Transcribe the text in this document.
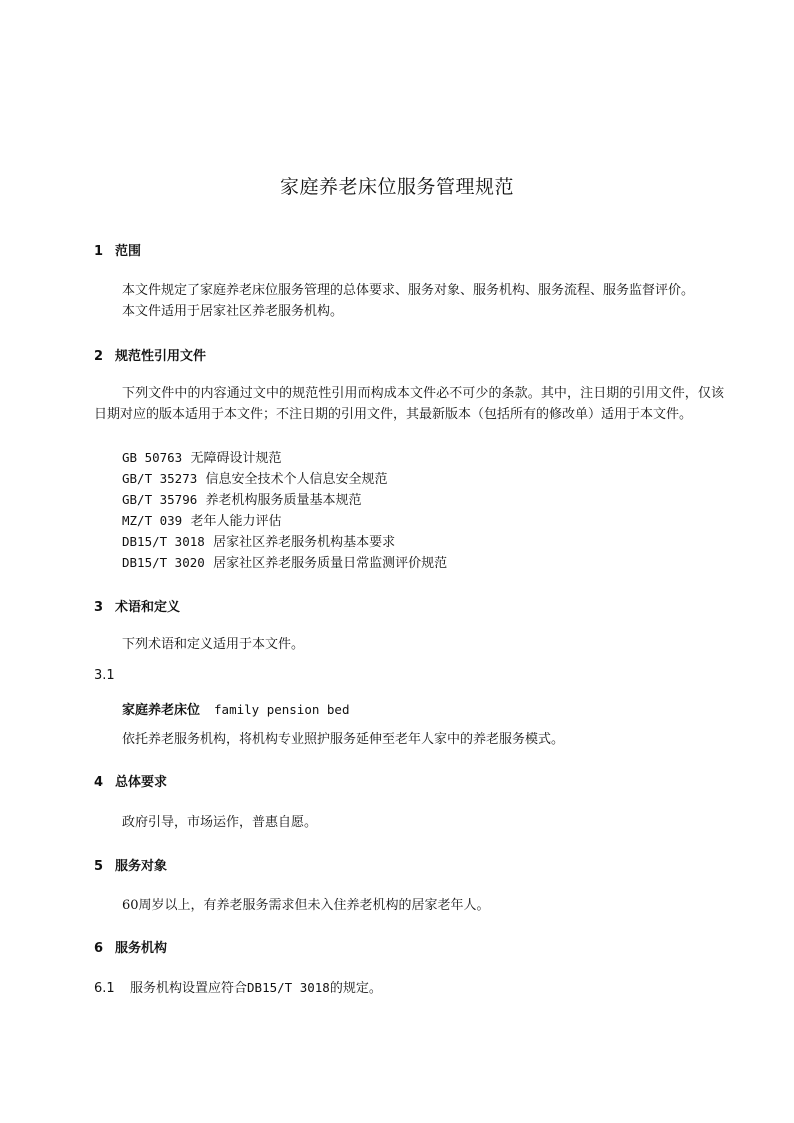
家庭养老床位服务管理规范
1 范围
本文件规定了家庭养老床位服务管理的总体要求、服务对象、服务机构、服务流程、服务监督评价。
本文件适用于居家社区养老服务机构。
2 规范性引用文件
下列文件中的内容通过文中的规范性引用而构成本文件必不可少的条款。其中，注日期的引用文件，仅该日期对应的版本适用于本文件；不注日期的引用文件，其最新版本（包括所有的修改单）适用于本文件。
GB 50763 无障碍设计规范
GB/T 35273 信息安全技术个人信息安全规范
GB/T 35796 养老机构服务质量基本规范
MZ/T 039 老年人能力评估
DB15/T 3018 居家社区养老服务机构基本要求
DB15/T 3020 居家社区养老服务质量日常监测评价规范
3 术语和定义
下列术语和定义适用于本文件。
3.1
家庭养老床位 family pension bed
依托养老服务机构，将机构专业照护服务延伸至老年人家中的养老服务模式。
4 总体要求
政府引导，市场运作，普惠自愿。
5 服务对象
60周岁以上，有养老服务需求但未入住养老机构的居家老年人。
6 服务机构
6.1 服务机构设置应符合DB15/T 3018的规定。
